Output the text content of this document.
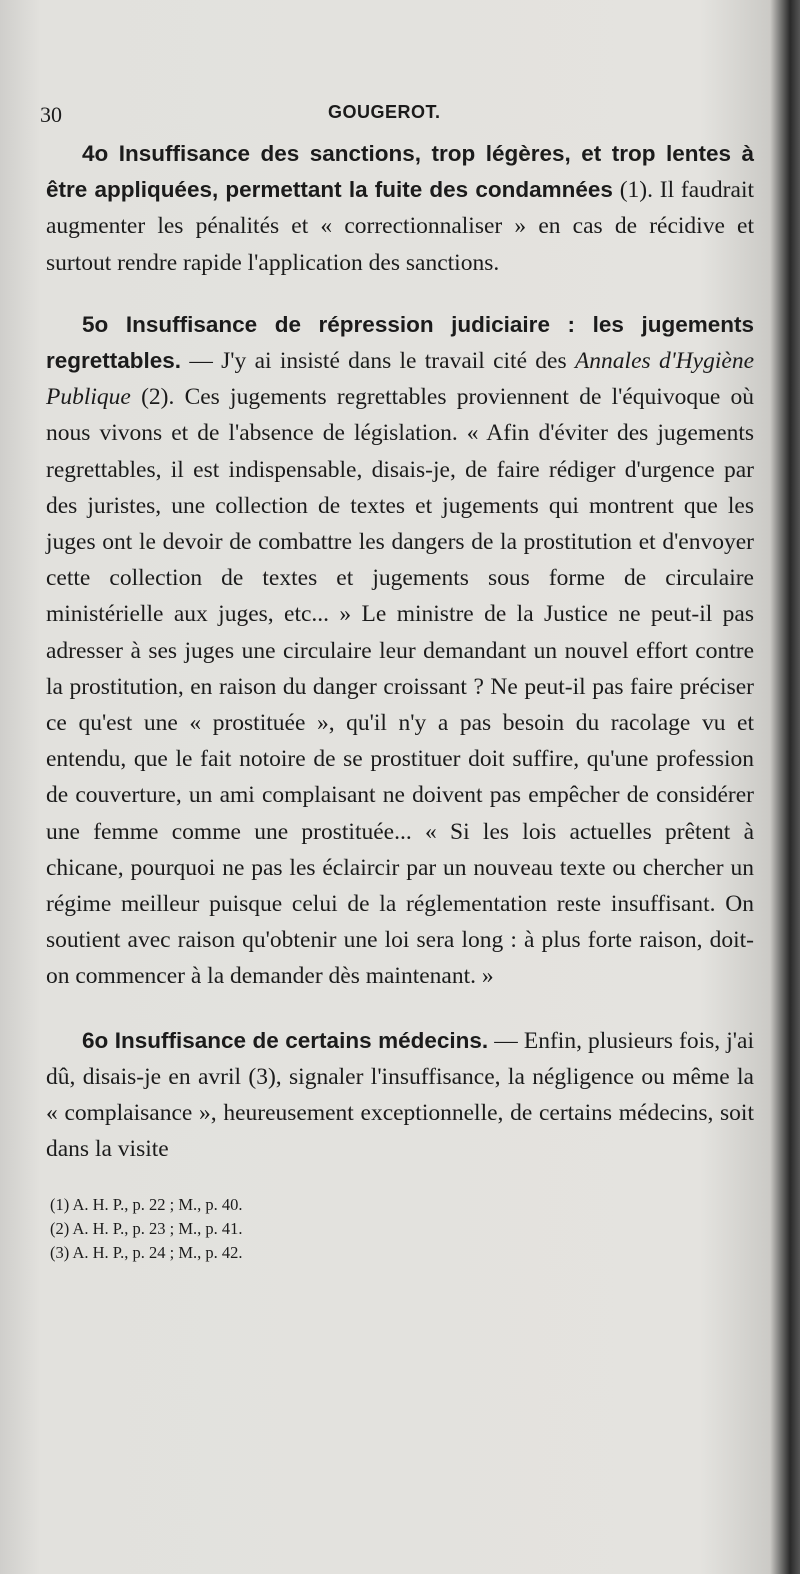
30	GOUGEROT.

4o Insuffisance des sanctions, trop légères, et trop lentes à être appliquées, permettant la fuite des condamnées (1). Il faudrait augmenter les pénalités et « correctionnaliser » en cas de récidive et surtout rendre rapide l'application des sanctions.

5o Insuffisance de répression judiciaire : les jugements regrettables. — J'y ai insisté dans le travail cité des Annales d'Hygiène Publique (2). Ces jugements regrettables proviennent de l'équivoque où nous vivons et de l'absence de législation. « Afin d'éviter des jugements regrettables, il est indispensable, disais-je, de faire rédiger d'urgence par des juristes, une collection de textes et jugements qui montrent que les juges ont le devoir de combattre les dangers de la prostitution et d'envoyer cette collection de textes et jugements sous forme de circulaire ministérielle aux juges, etc... » Le ministre de la Justice ne peut-il pas adresser à ses juges une circulaire leur demandant un nouvel effort contre la prostitution, en raison du danger croissant ? Ne peut-il pas faire préciser ce qu'est une « prostituée », qu'il n'y a pas besoin du racolage vu et entendu, que le fait notoire de se prostituer doit suffire, qu'une profession de couverture, un ami complaisant ne doivent pas empêcher de considérer une femme comme une prostituée... « Si les lois actuelles prêtent à chicane, pourquoi ne pas les éclaircir par un nouveau texte ou chercher un régime meilleur puisque celui de la réglementation reste insuffisant. On soutient avec raison qu'obtenir une loi sera long : à plus forte raison, doit-on commencer à la demander dès maintenant. »

6o Insuffisance de certains médecins. — Enfin, plusieurs fois, j'ai dû, disais-je en avril (3), signaler l'insuffisance, la négligence ou même la « complaisance », heureusement exceptionnelle, de certains médecins, soit dans la visite

(1) A. H. P., p. 22 ; M., p. 40.

(2) A. H. P., p. 23 ; M., p. 41.

(3) A. H. P., p. 24 ; M., p. 42.
